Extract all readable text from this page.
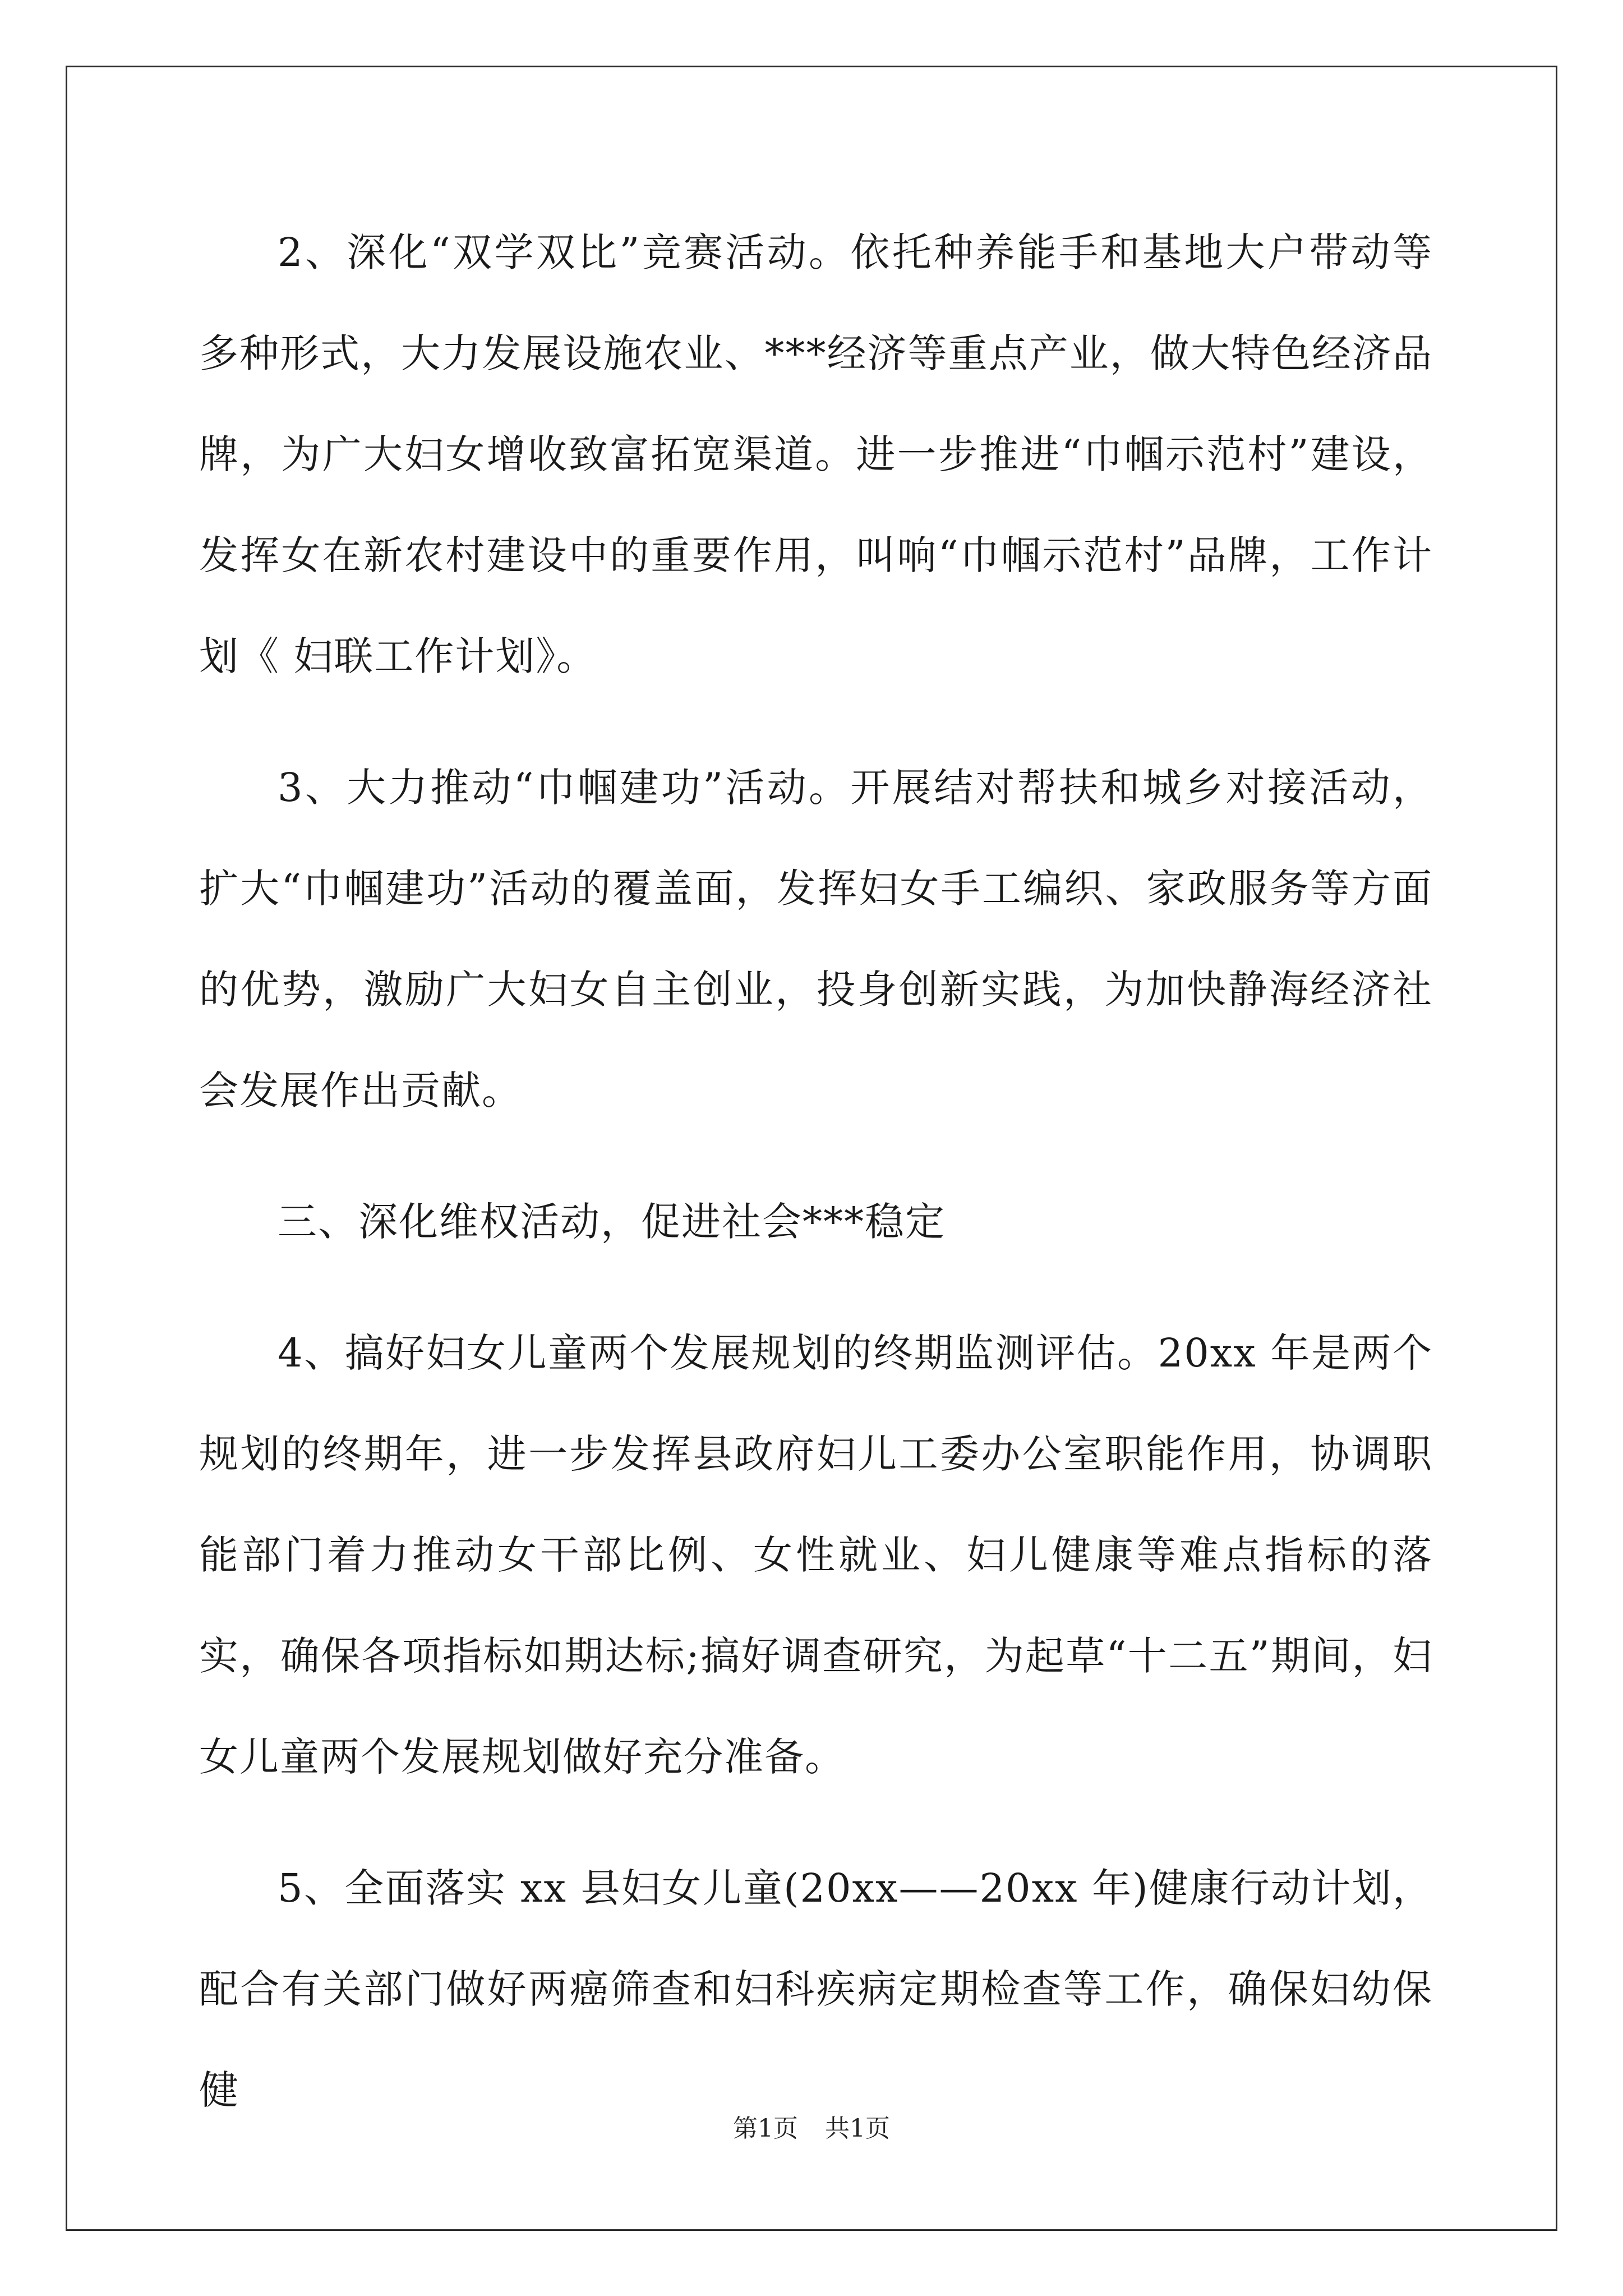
2、深化“双学双比”竞赛活动。依托种养能手和基地大户带动等多种形式，大力发展设施农业、***经济等重点产业，做大特色经济品牌，为广大妇女增收致富拓宽渠道。进一步推进“巾帼示范村”建设，发挥女在新农村建设中的重要作用，叫响“巾帼示范村”品牌，工作计划《 妇联工作计划》。

3、大力推动“巾帼建功”活动。开展结对帮扶和城乡对接活动，扩大“巾帼建功”活动的覆盖面，发挥妇女手工编织、家政服务等方面的优势，激励广大妇女自主创业，投身创新实践，为加快静海经济社会发展作出贡献。

三、深化维权活动，促进社会***稳定

4、搞好妇女儿童两个发展规划的终期监测评估。20xx 年是两个规划的终期年，进一步发挥县政府妇儿工委办公室职能作用，协调职能部门着力推动女干部比例、女性就业、妇儿健康等难点指标的落实，确保各项指标如期达标;搞好调查研究，为起草“十二五”期间，妇女儿童两个发展规划做好充分准备。

5、全面落实 xx 县妇女儿童(20xx——20xx 年)健康行动计划，配合有关部门做好两癌筛查和妇科疾病定期检查等工作，确保妇幼保健

第1页 共1页
